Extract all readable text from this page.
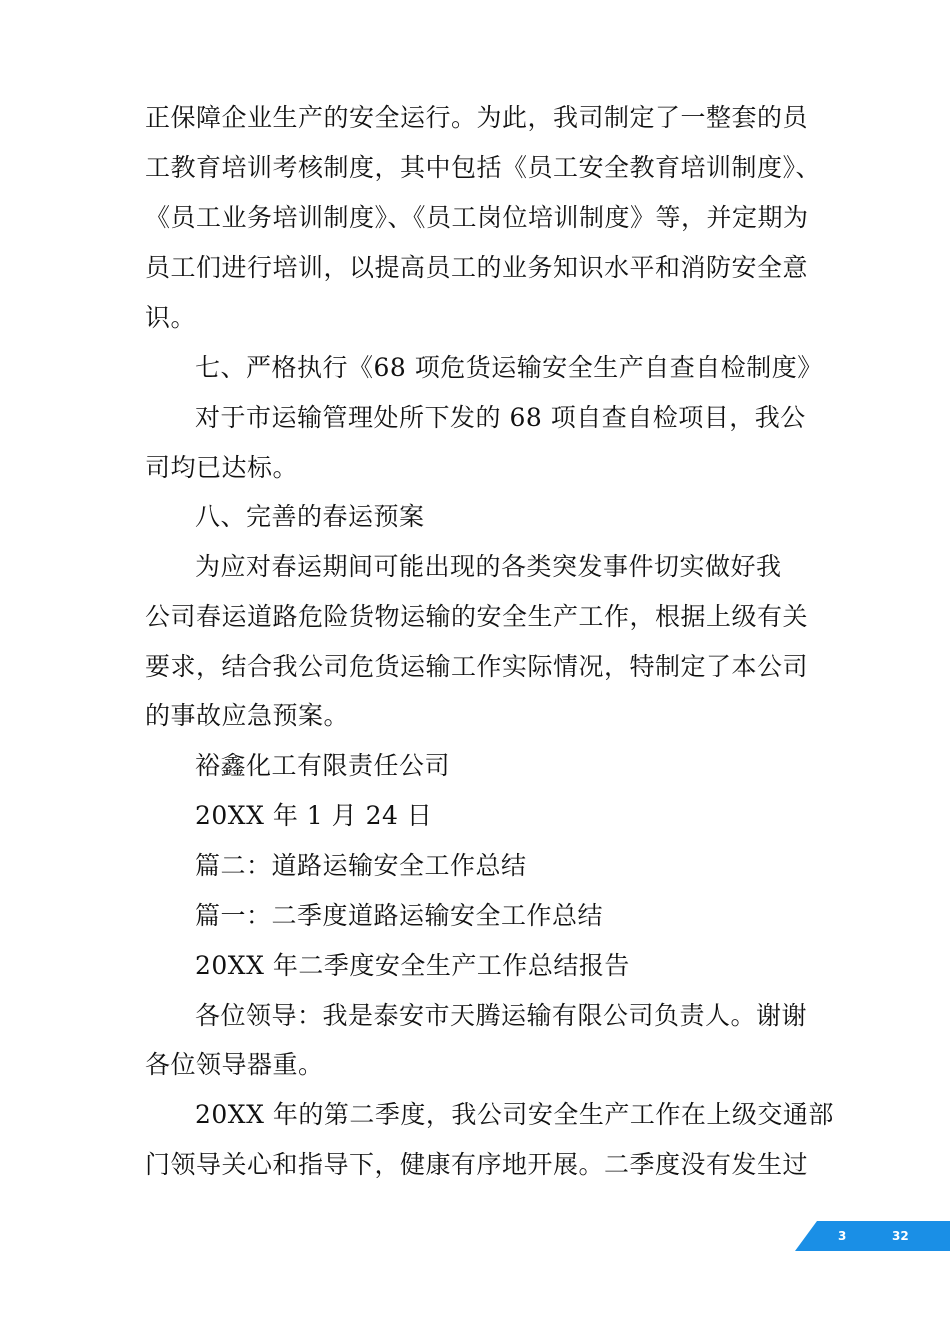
正保障企业生产的安全运行。为此，我司制定了一整套的员
工教育培训考核制度，其中包括《员工安全教育培训制度》、
《员工业务培训制度》、《员工岗位培训制度》等，并定期为
员工们进行培训，以提高员工的业务知识水平和消防安全意
识。
七、严格执行《68 项危货运输安全生产自查自检制度》
对于市运输管理处所下发的 68 项自查自检项目，我公
司均已达标。
八、完善的春运预案
为应对春运期间可能出现的各类突发事件切实做好我
公司春运道路危险货物运输的安全生产工作，根据上级有关
要求，结合我公司危货运输工作实际情况，特制定了本公司
的事故应急预案。
裕鑫化工有限责任公司
20XX 年 1 月 24 日
篇二：道路运输安全工作总结
篇一：二季度道路运输安全工作总结
20XX 年二季度安全生产工作总结报告
各位领导：我是泰安市天腾运输有限公司负责人。谢谢
各位领导器重。
20XX 年的第二季度，我公司安全生产工作在上级交通部
门领导关心和指导下，健康有序地开展。二季度没有发生过
3	32
